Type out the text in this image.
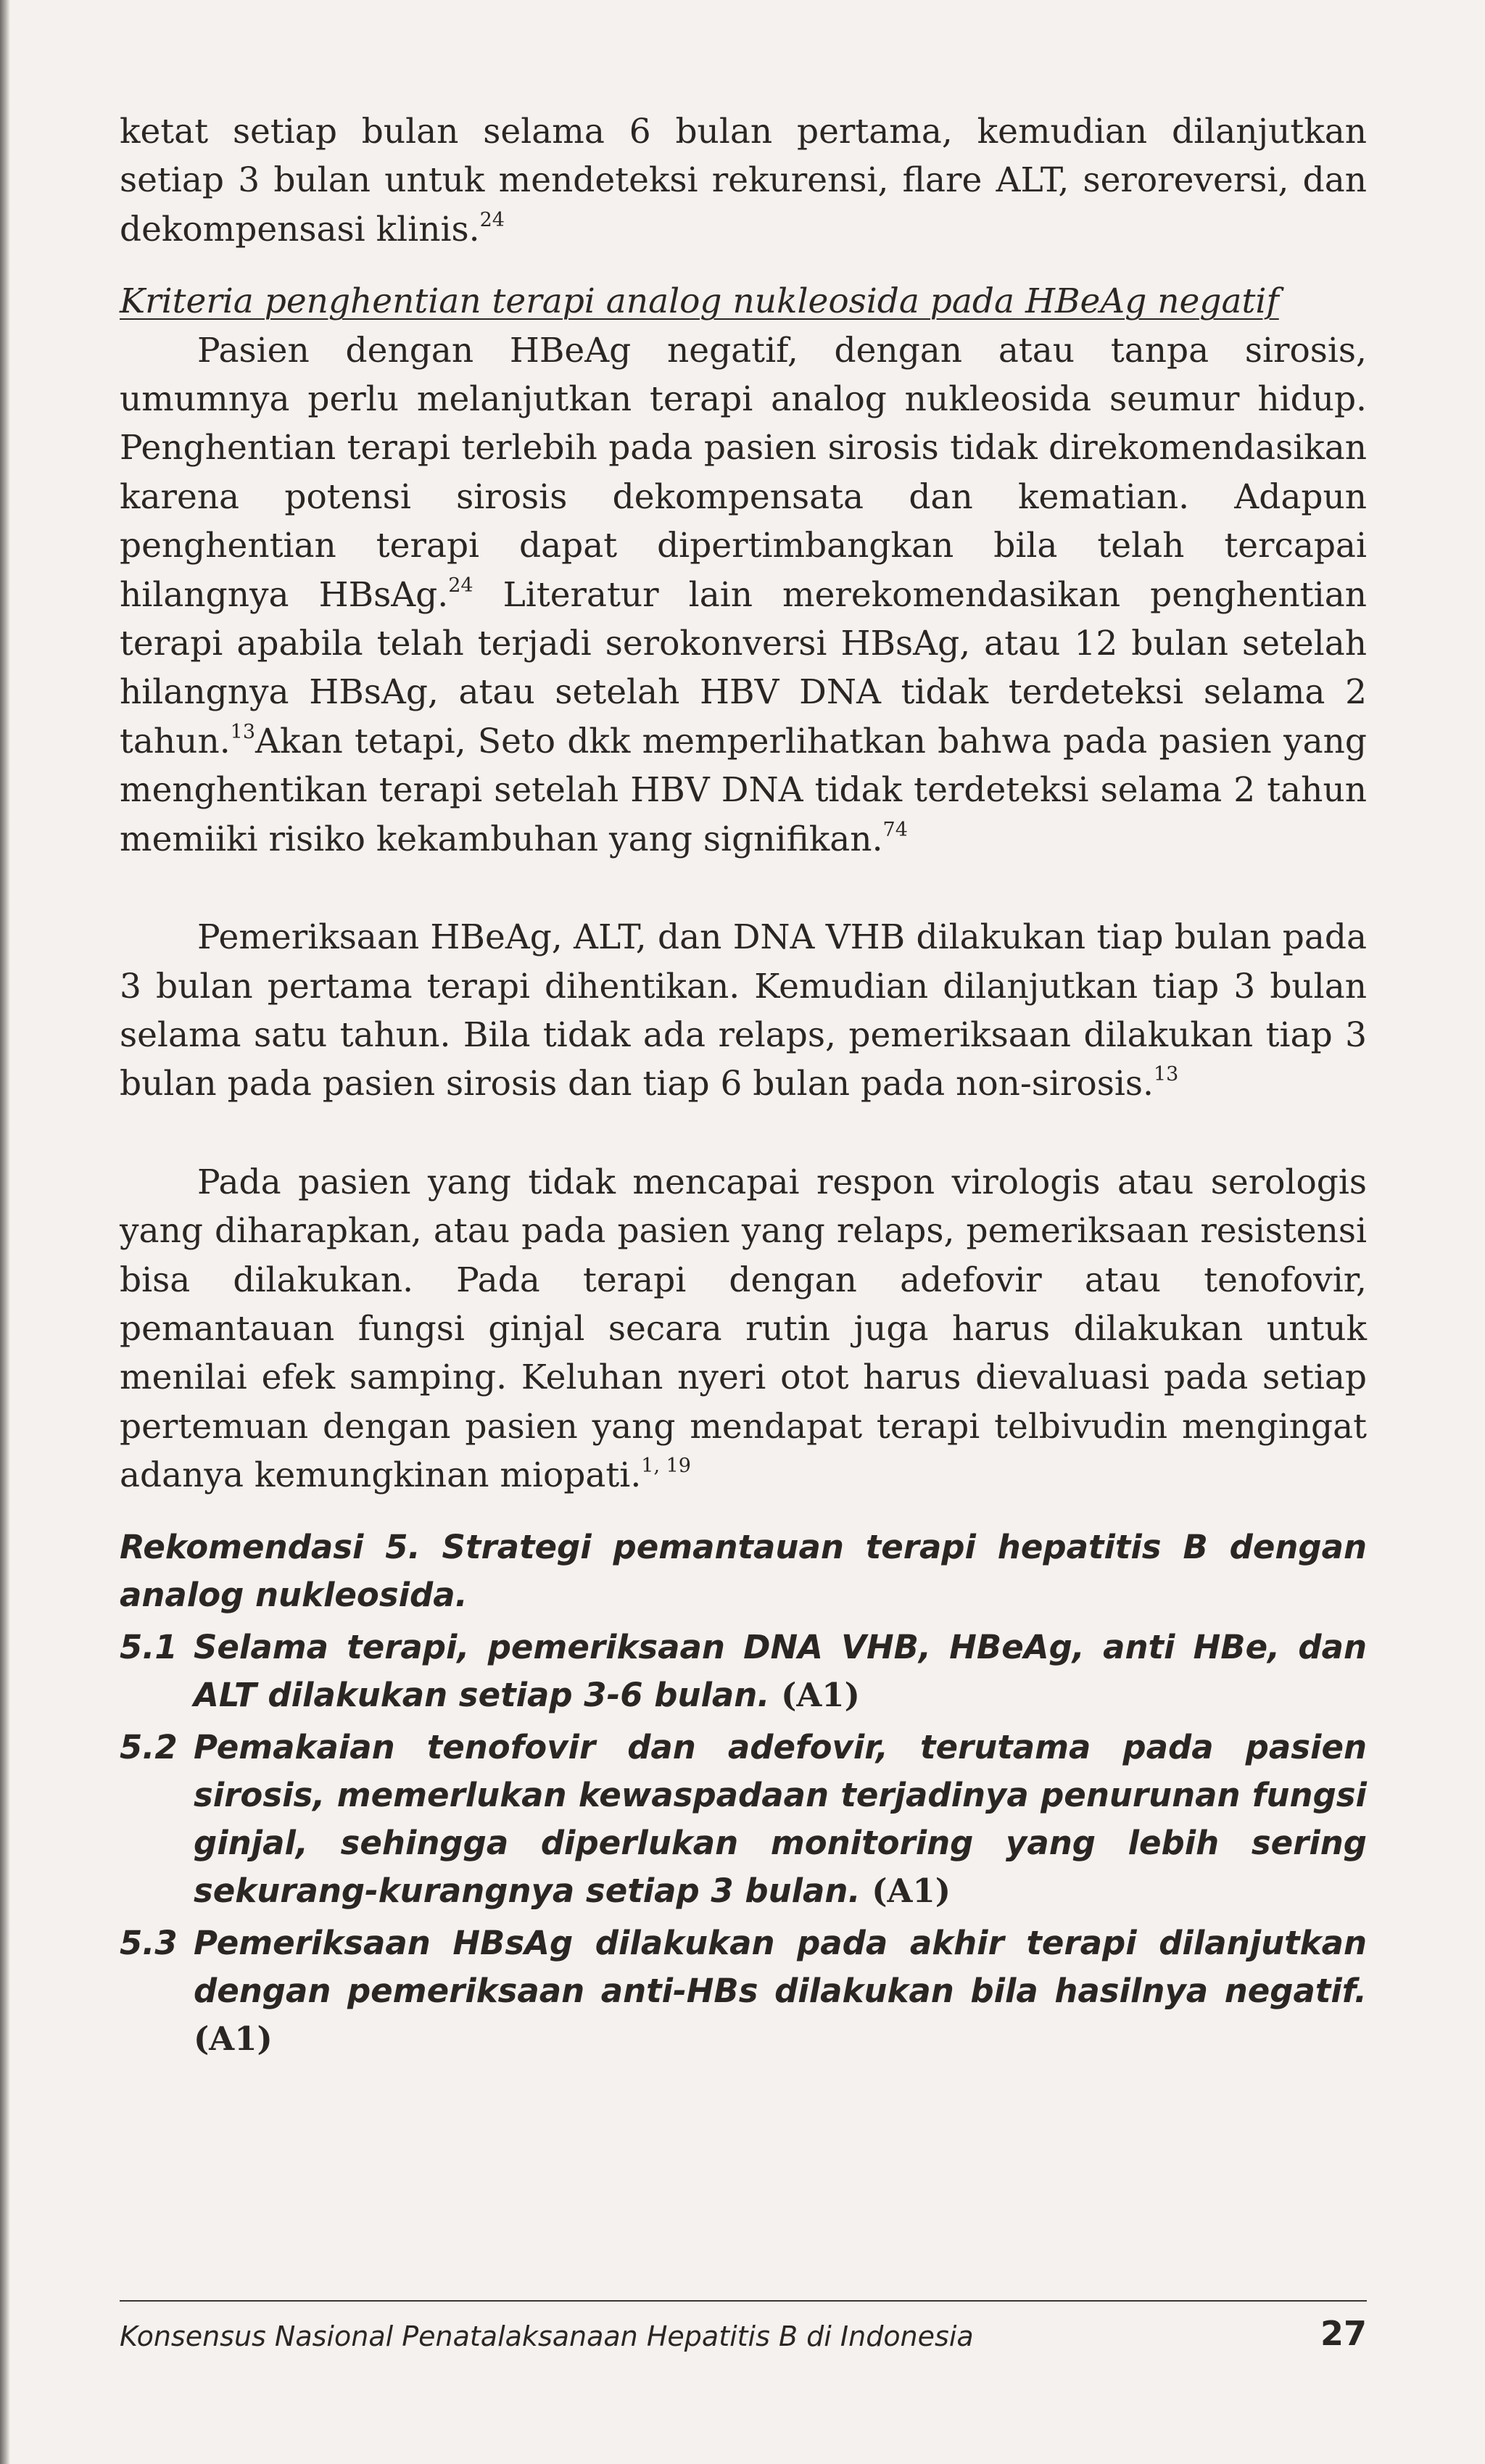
ketat setiap bulan selama 6 bulan pertama, kemudian dilanjutkan setiap 3 bulan untuk mendeteksi rekurensi, flare ALT, seroreversi, dan dekompensasi klinis.$^{24}$

Kriteria penghentian terapi analog nukleosida pada HBeAg negatif

Pasien dengan HBeAg negatif, dengan atau tanpa sirosis, umumnya perlu melanjutkan terapi analog nukleosida seumur hidup. Penghentian terapi terlebih pada pasien sirosis tidak direkomendasikan karena potensi sirosis dekompensata dan kematian. Adapun penghentian terapi dapat dipertimbangkan bila telah tercapai hilangnya HBsAg.$^{24}$ Literatur lain merekomendasikan penghentian terapi apabila telah terjadi serokonversi HBsAg, atau 12 bulan setelah hilangnya HBsAg, atau setelah HBV DNA tidak terdeteksi selama 2 tahun.$^{13}$Akan tetapi, Seto dkk memperlihatkan bahwa pada pasien yang menghentikan terapi setelah HBV DNA tidak terdeteksi selama 2 tahun memiiki risiko kekambuhan yang signifikan.$^{74}$

Pemeriksaan HBeAg, ALT, dan DNA VHB dilakukan tiap bulan pada 3 bulan pertama terapi dihentikan. Kemudian dilanjutkan tiap 3 bulan selama satu tahun. Bila tidak ada relaps, pemeriksaan dilakukan tiap 3 bulan pada pasien sirosis dan tiap 6 bulan pada non-sirosis.$^{13}$

Pada pasien yang tidak mencapai respon virologis atau serologis yang diharapkan, atau pada pasien yang relaps, pemeriksaan resistensi bisa dilakukan. Pada terapi dengan adefovir atau tenofovir, pemantauan fungsi ginjal secara rutin juga harus dilakukan untuk menilai efek samping. Keluhan nyeri otot harus dievaluasi pada setiap pertemuan dengan pasien yang mendapat terapi telbivudin mengingat adanya kemungkinan miopati.$^{1, 19}$

Rekomendasi 5. Strategi pemantauan terapi hepatitis B dengan analog nukleosida.

5.1 Selama terapi, pemeriksaan DNA VHB, HBeAg, anti HBe, dan ALT dilakukan setiap 3-6 bulan. (A1)
5.2 Pemakaian tenofovir dan adefovir, terutama pada pasien sirosis, memerlukan kewaspadaan terjadinya penurunan fungsi ginjal, sehingga diperlukan monitoring yang lebih sering sekurang-kurangnya setiap 3 bulan. (A1)
5.3 Pemeriksaan HBsAg dilakukan pada akhir terapi dilanjutkan dengan pemeriksaan anti-HBs dilakukan bila hasilnya negatif. (A1)
Konsensus Nasional Penatalaksanaan Hepatitis B di Indonesia	27
